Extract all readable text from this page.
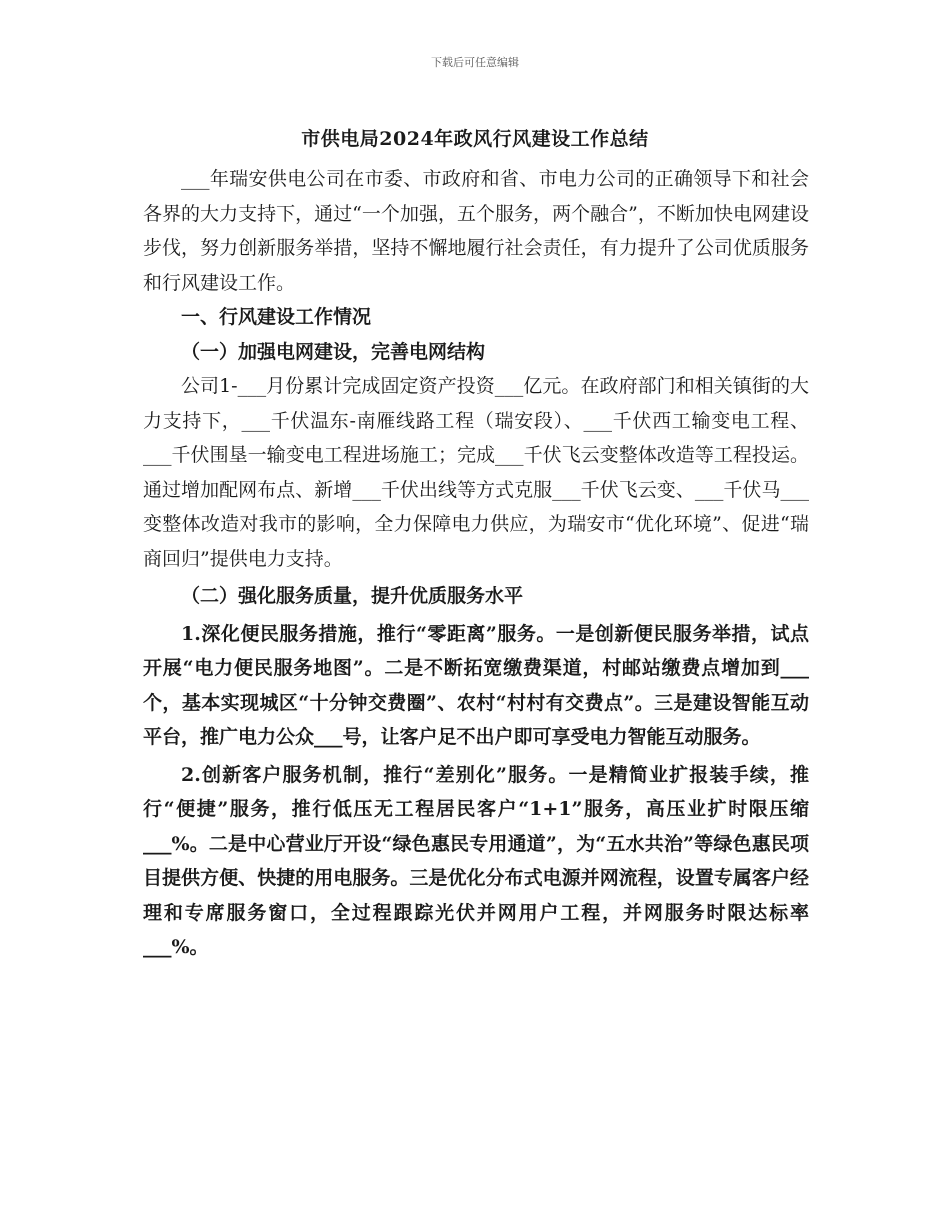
下载后可任意编辑
市供电局2024年政风行风建设工作总结

___年瑞安供电公司在市委、市政府和省、市电力公司的正确领导下和社会各界的大力支持下，通过“一个加强，五个服务，两个融合”，不断加快电网建设步伐，努力创新服务举措，坚持不懈地履行社会责任，有力提升了公司优质服务和行风建设工作。

一、行风建设工作情况

（一）加强电网建设，完善电网结构

公司1-___月份累计完成固定资产投资___亿元。在政府部门和相关镇街的大力支持下，___千伏温东-南雁线路工程（瑞安段）、___千伏西工输变电工程、___千伏围垦一输变电工程进场施工；完成___千伏飞云变整体改造等工程投运。通过增加配网布点、新增___千伏出线等方式克服___千伏飞云变、___千伏马___变整体改造对我市的影响，全力保障电力供应，为瑞安市“优化环境”、促进“瑞商回归”提供电力支持。

（二）强化服务质量，提升优质服务水平

1.深化便民服务措施，推行“零距离”服务。一是创新便民服务举措，试点开展“电力便民服务地图”。二是不断拓宽缴费渠道，村邮站缴费点增加到___个，基本实现城区“十分钟交费圈”、农村“村村有交费点”。三是建设智能互动平台，推广电力公众___号，让客户足不出户即可享受电力智能互动服务。

2.创新客户服务机制，推行“差别化”服务。一是精简业扩报装手续，推行“便捷”服务，推行低压无工程居民客户“1+1”服务，高压业扩时限压缩___%。二是中心营业厅开设“绿色惠民专用通道”，为“五水共治”等绿色惠民项目提供方便、快捷的用电服务。三是优化分布式电源并网流程，设置专属客户经理和专席服务窗口，全过程跟踪光伏并网用户工程，并网服务时限达标率___%。
